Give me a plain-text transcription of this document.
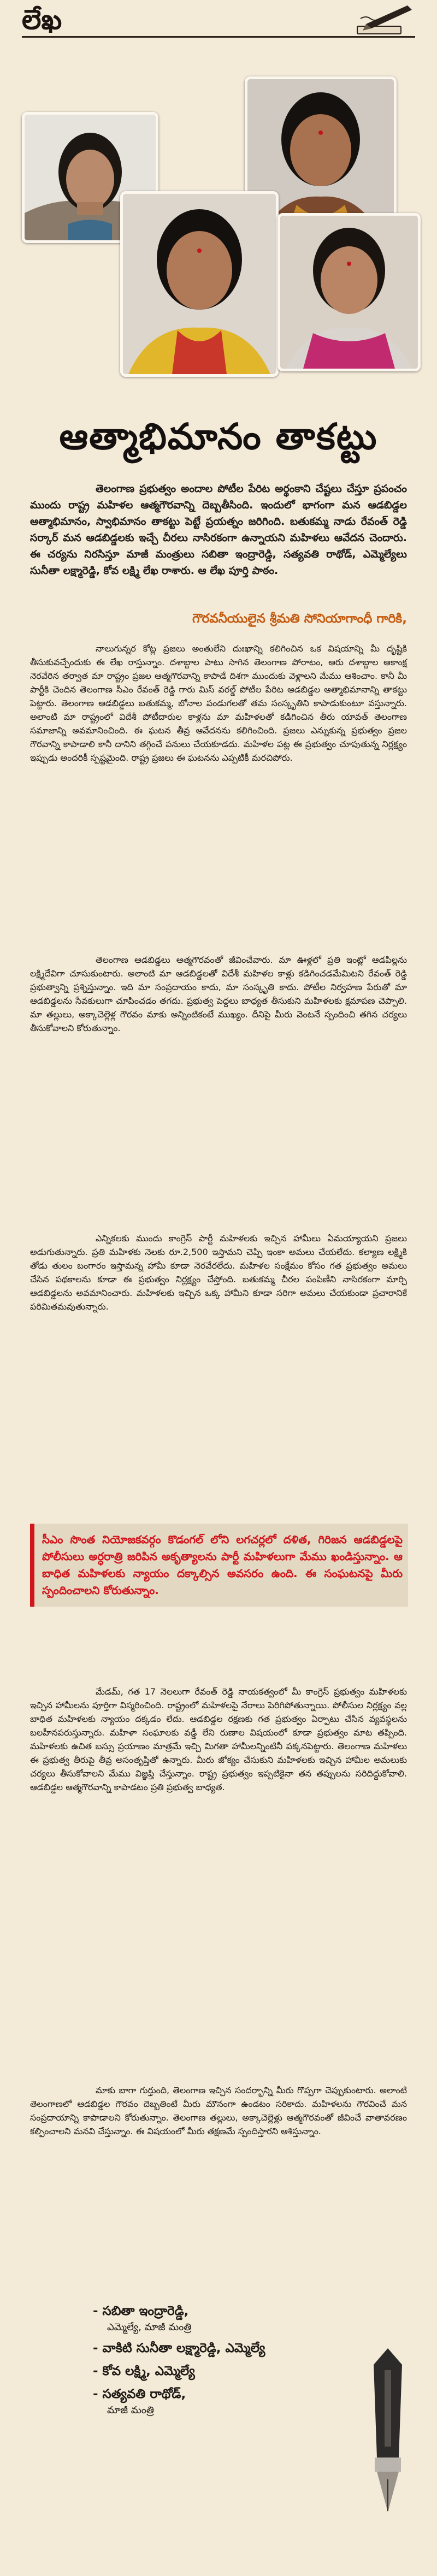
లేఖ
ఆత్మాభిమానం తాకట్టు
తెలంగాణ ప్రభుత్వం అందాల పోటీల పేరిట అర్థంకాని చేష్టలు చేస్తూ ప్రపంచం ముందు రాష్ట్ర మహిళల ఆత్మగౌరవాన్ని దెబ్బతీసింది. ఇందులో భాగంగా మన ఆడబిడ్డల ఆత్మాభిమానం, స్వాభిమానం తాకట్టు పెట్టే ప్రయత్నం జరిగింది. బతుకమ్మ నాడు రేవంత్ రెడ్డి సర్కార్ మన ఆడబిడ్డలకు ఇచ్చే చీరలు నాసిరకంగా ఉన్నాయని మహిళలు ఆవేదన చెందారు. ఈ చర్యను నిరసిస్తూ మాజీ మంత్రులు సబితా ఇంద్రారెడ్డి, సత్యవతి రాథోడ్, ఎమ్మెల్యేలు సునీతా లక్ష్మారెడ్డి, కోవ లక్ష్మి లేఖ రాశారు. ఆ లేఖ పూర్తి పాఠం.
గౌరవనీయులైన శ్రీమతి సోనియాగాంధీ గారికి,
నాలుగున్నర కోట్ల ప్రజలు అంతులేని దుఃఖాన్ని కలిగించిన ఒక విషయాన్ని మీ దృష్టికి తీసుకువచ్చేందుకు ఈ లేఖ రాస్తున్నాం. దశాబ్దాల పాటు సాగిన తెలంగాణ పోరాటం, ఆరు దశాబ్దాల ఆకాంక్ష నెరవేరిన తర్వాత మా రాష్ట్రం ప్రజల ఆత్మగౌరవాన్ని కాపాడే దిశగా ముందుకు వెళ్లాలని మేము ఆశించాం. కానీ మీ పార్టీకి చెందిన తెలంగాణ సీఎం రేవంత్ రెడ్డి గారు మిస్ వరల్డ్ పోటీల పేరిట ఆడబిడ్డల ఆత్మాభిమానాన్ని తాకట్టు పెట్టారు. తెలంగాణ ఆడబిడ్డలు బతుకమ్మ, బోనాల పండుగలతో తమ సంస్కృతిని కాపాడుకుంటూ వస్తున్నారు. అలాంటి మా రాష్ట్రంలో విదేశీ పోటీదారుల కాళ్లను మా మహిళలతో కడిగించిన తీరు యావత్ తెలంగాణ సమాజాన్ని అవమానించింది. ఈ ఘటన తీవ్ర ఆవేదనను కలిగించింది. ప్రజలు ఎన్నుకున్న ప్రభుత్వం ప్రజల గౌరవాన్ని కాపాడాలి కానీ దానిని తగ్గించే పనులు చేయకూడదు. మహిళల పట్ల ఈ ప్రభుత్వం చూపుతున్న నిర్లక్ష్యం ఇప్పుడు అందరికీ స్పష్టమైంది. రాష్ట్ర ప్రజలు ఈ ఘటనను ఎప్పటికీ మరచిపోరు.
తెలంగాణ ఆడబిడ్డలు ఆత్మగౌరవంతో జీవించేవారు. మా ఊళ్లలో ప్రతి ఇంట్లో ఆడపిల్లను లక్ష్మిదేవిగా చూసుకుంటారు. అలాంటి మా ఆడబిడ్డలతో విదేశీ మహిళల కాళ్లు కడిగించడమేమిటని రేవంత్ రెడ్డి ప్రభుత్వాన్ని ప్రశ్నిస్తున్నాం. ఇది మా సంప్రదాయం కాదు, మా సంస్కృతి కాదు. పోటీల నిర్వహణ పేరుతో మా ఆడబిడ్డలను సేవకులుగా చూపించడం తగదు. ప్రభుత్వ పెద్దలు బాధ్యత తీసుకుని మహిళలకు క్షమాపణ చెప్పాలి. మా తల్లులు, అక్కాచెల్లెళ్ల గౌరవం మాకు అన్నింటికంటే ముఖ్యం. దీనిపై మీరు వెంటనే స్పందించి తగిన చర్యలు తీసుకోవాలని కోరుతున్నాం.
ఎన్నికలకు ముందు కాంగ్రెస్ పార్టీ మహిళలకు ఇచ్చిన హామీలు ఏమయ్యాయని ప్రజలు అడుగుతున్నారు. ప్రతి మహిళకు నెలకు రూ.2,500 ఇస్తామని చెప్పి ఇంకా అమలు చేయలేదు. కల్యాణ లక్ష్మికి తోడు తులం బంగారం ఇస్తామన్న హామీ కూడా నెరవేరలేదు. మహిళల సంక్షేమం కోసం గత ప్రభుత్వం అమలు చేసిన పథకాలను కూడా ఈ ప్రభుత్వం నిర్లక్ష్యం చేస్తోంది. బతుకమ్మ చీరల పంపిణీని నాసిరకంగా మార్చి ఆడబిడ్డలను అవమానించారు. మహిళలకు ఇచ్చిన ఒక్క హామీని కూడా సరిగా అమలు చేయకుండా ప్రచారానికే పరిమితమవుతున్నారు.
సీఎం సొంత నియోజకవర్గం కొడంగల్ లోని లగచర్లలో దళిత, గిరిజన ఆడబిడ్డలపై పోలీసులు అర్ధరాత్రి జరిపిన అకృత్యాలను పార్టీ మహిళలుగా మేము ఖండిస్తున్నాం. ఆ బాధిత మహిళలకు న్యాయం దక్కాల్సిన అవసరం ఉంది. ఈ సంఘటనపై మీరు స్పందించాలని కోరుతున్నాం.
మేడమ్, గత 17 నెలలుగా రేవంత్ రెడ్డి నాయకత్వంలో మీ కాంగ్రెస్ ప్రభుత్వం మహిళలకు ఇచ్చిన హామీలను పూర్తిగా విస్మరించింది. రాష్ట్రంలో మహిళలపై నేరాలు పెరిగిపోతున్నాయి. పోలీసుల నిర్లక్ష్యం వల్ల బాధిత మహిళలకు న్యాయం దక్కడం లేదు. ఆడబిడ్డల రక్షణకు గత ప్రభుత్వం ఏర్పాటు చేసిన వ్యవస్థలను బలహీనపరుస్తున్నారు. మహిళా సంఘాలకు వడ్డీ లేని రుణాల విషయంలో కూడా ప్రభుత్వం మాట తప్పింది. మహిళలకు ఉచిత బస్సు ప్రయాణం మాత్రమే ఇచ్చి మిగతా హామీలన్నింటినీ పక్కనపెట్టారు. తెలంగాణ మహిళలు ఈ ప్రభుత్వ తీరుపై తీవ్ర అసంతృప్తితో ఉన్నారు. మీరు జోక్యం చేసుకుని మహిళలకు ఇచ్చిన హామీల అమలుకు చర్యలు తీసుకోవాలని మేము విజ్ఞప్తి చేస్తున్నాం. రాష్ట్ర ప్రభుత్వం ఇప్పటికైనా తన తప్పులను సరిదిద్దుకోవాలి. ఆడబిడ్డల ఆత్మగౌరవాన్ని కాపాడటం ప్రతి ప్రభుత్వ బాధ్యత.
మాకు బాగా గుర్తుంది, తెలంగాణ ఇచ్చిన సందర్భాన్ని మీరు గొప్పగా చెప్పుకుంటారు. అలాంటి తెలంగాణలో ఆడబిడ్డల గౌరవం దెబ్బతింటే మీరు మౌనంగా ఉండటం సరికాదు. మహిళలను గౌరవించే మన సంప్రదాయాన్ని కాపాడాలని కోరుతున్నాం. తెలంగాణ తల్లులు, అక్కాచెల్లెళ్లు ఆత్మగౌరవంతో జీవించే వాతావరణం కల్పించాలని మనవి చేస్తున్నాం. ఈ విషయంలో మీరు తక్షణమే స్పందిస్తారని ఆశిస్తున్నాం.
- సబితా ఇంద్రారెడ్డి,
ఎమ్మెల్యే, మాజీ మంత్రి
- వాకిటి సునీతా లక్ష్మారెడ్డి, ఎమ్మెల్యే
- కోవ లక్ష్మి, ఎమ్మెల్యే
- సత్యవతి రాథోడ్,
మాజీ మంత్రి
